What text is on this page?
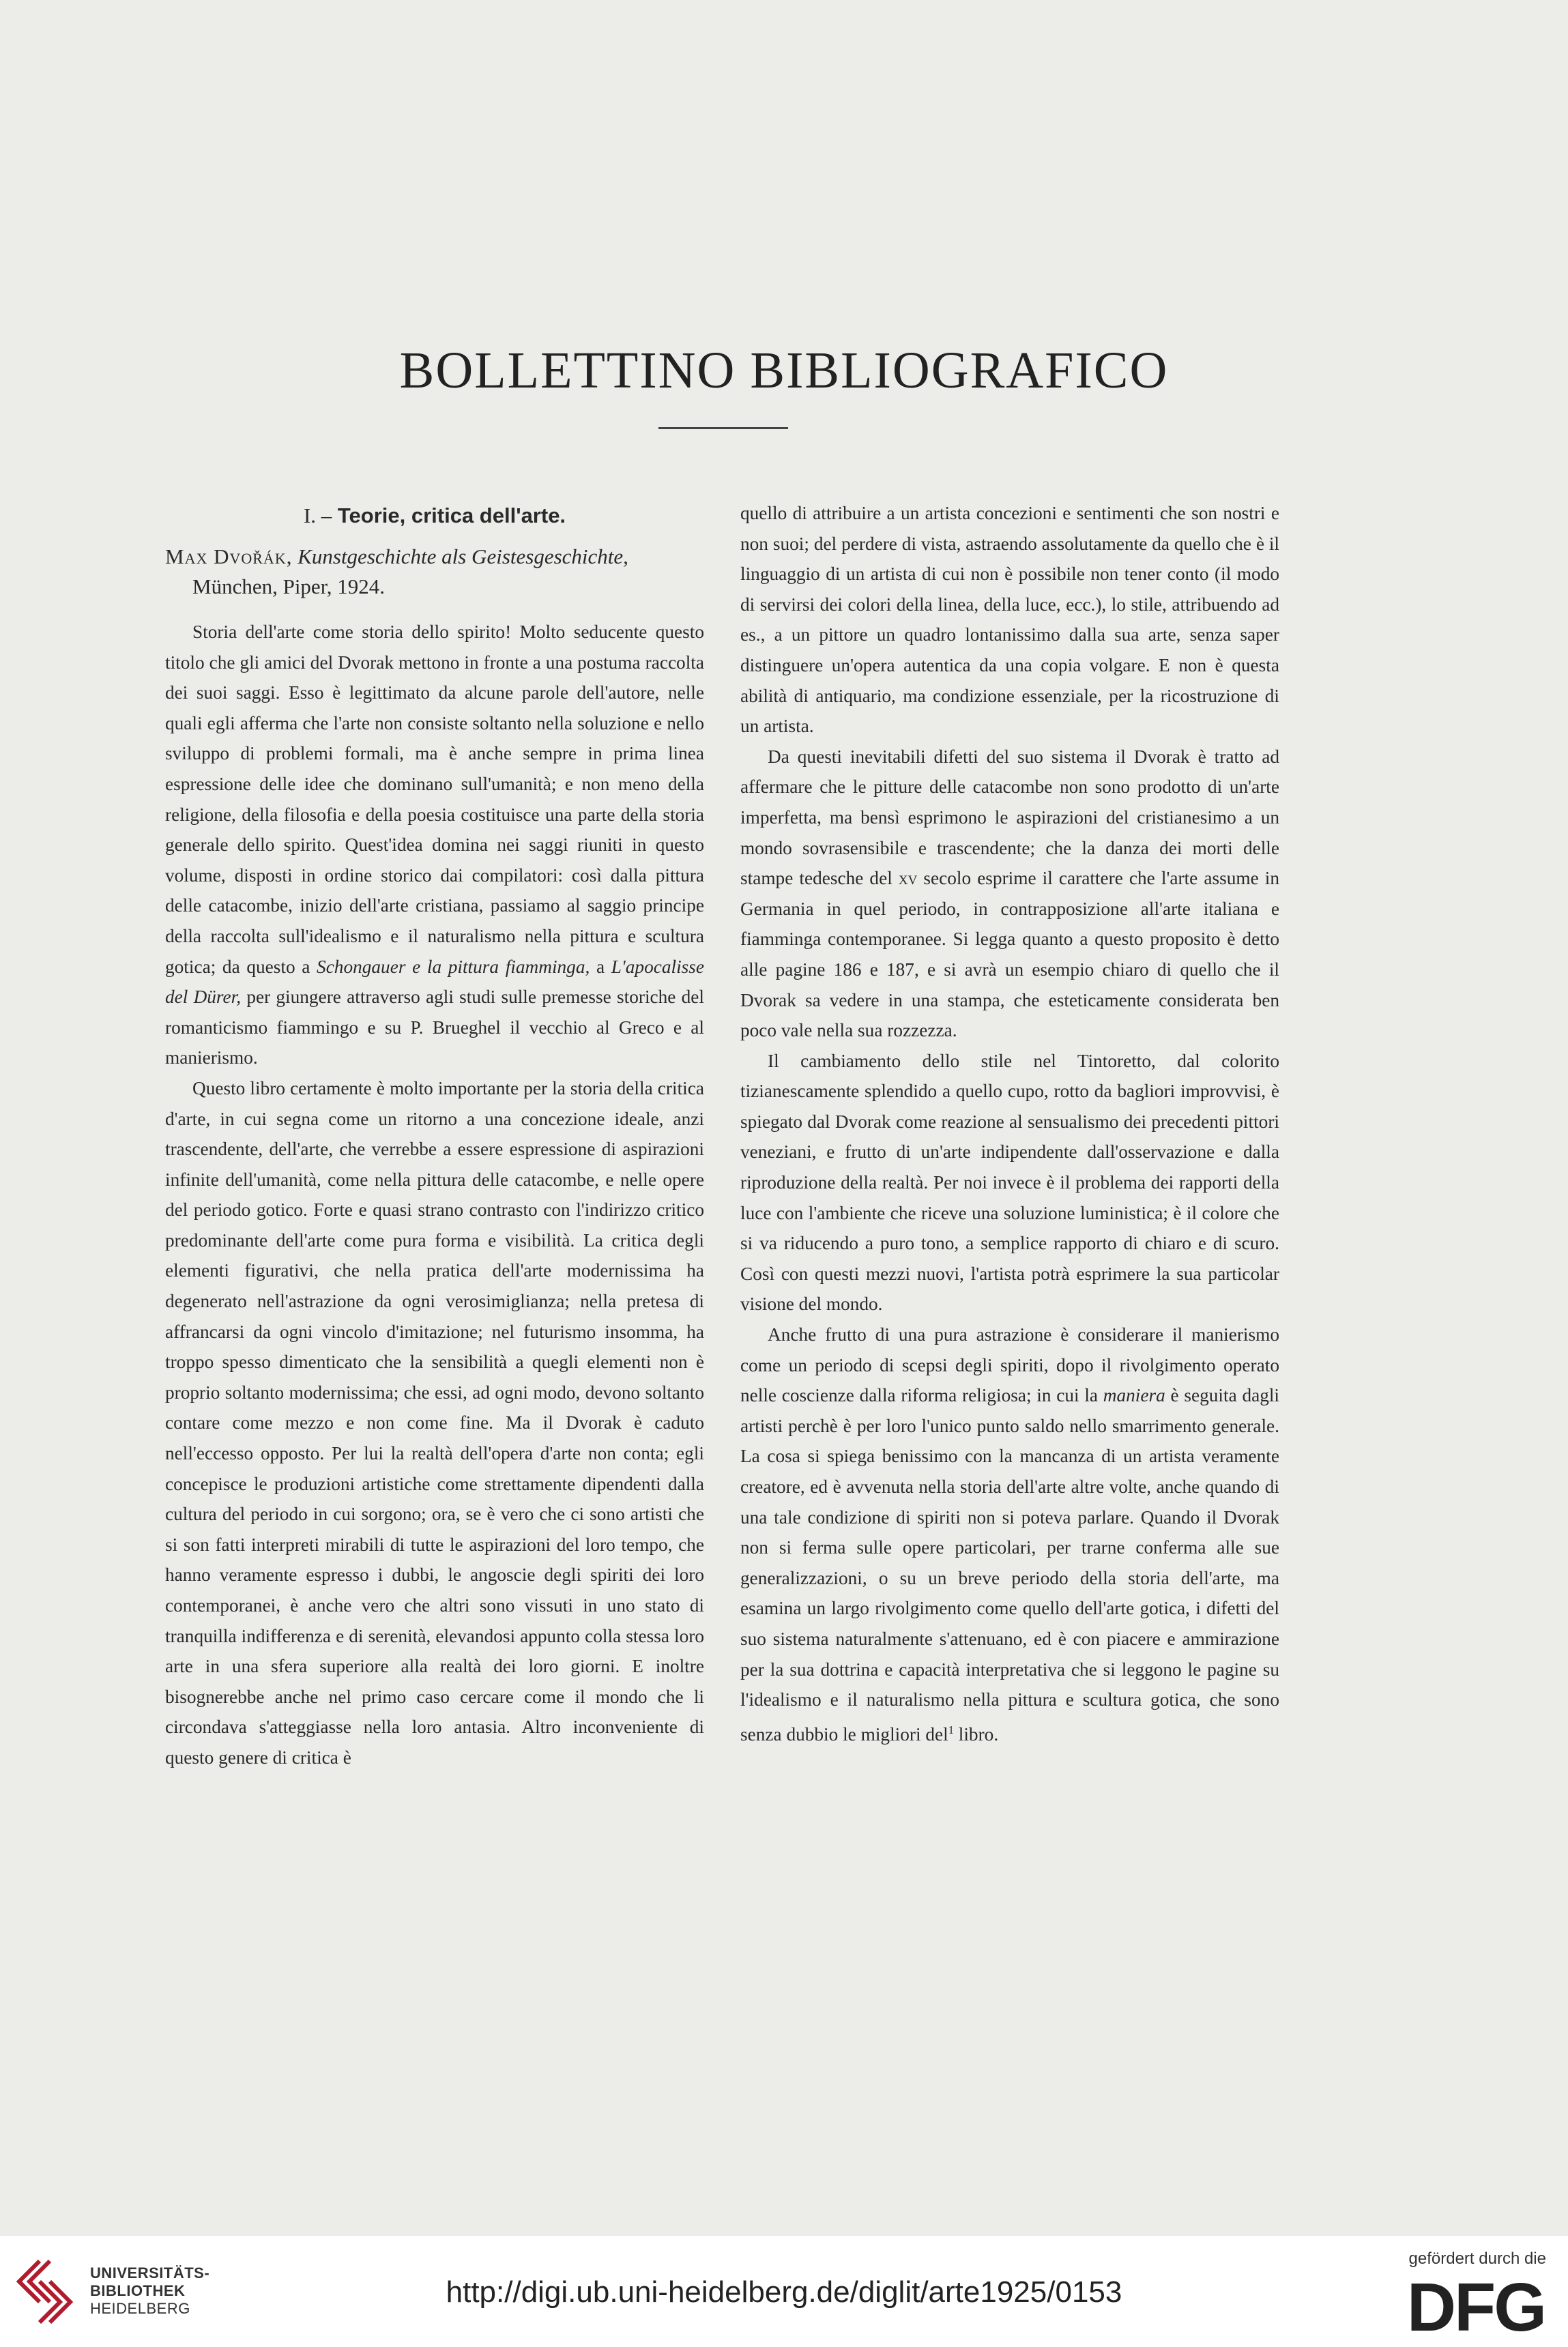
BOLLETTINO BIBLIOGRAFICO
I. – Teorie, critica dell'arte.
Max Dvořák, Kunstgeschichte als Geistesgeschichte, München, Piper, 1924.

Storia dell'arte come storia dello spirito! Molto seducente questo titolo che gli amici del Dvorak mettono in fronte a una postuma raccolta dei suoi saggi. Esso è legittimato da alcune parole dell'autore, nelle quali egli afferma che l'arte non consiste soltanto nella soluzione e nello sviluppo di problemi formali, ma è anche sempre in prima linea espressione delle idee che dominano sull'umanità; e non meno della religione, della filosofia e della poesia costituisce una parte della storia generale dello spirito. Quest'idea domina nei saggi riuniti in questo volume, disposti in ordine storico dai compilatori: così dalla pittura delle catacombe, inizio dell'arte cristiana, passiamo al saggio principe della raccolta sull'idealismo e il naturalismo nella pittura e scultura gotica; da questo a Schongauer e la pittura fiamminga, a L'apocalisse del Dürer, per giungere attraverso agli studi sulle premesse storiche del romanticismo fiammingo e su P. Brueghel il vecchio al Greco e al manierismo.

Questo libro certamente è molto importante per la storia della critica d'arte, in cui segna come un ritorno a una concezione ideale, anzi trascendente, dell'arte, che verrebbe a essere espressione di aspirazioni infinite dell'umanità, come nella pittura delle catacombe, e nelle opere del periodo gotico. Forte e quasi strano contrasto con l'indirizzo critico predominante dell'arte come pura forma e visibilità. La critica degli elementi figurativi, che nella pratica dell'arte modernissima ha degenerato nell'astrazione da ogni verosimiglianza; nella pretesa di affrancarsi da ogni vincolo d'imitazione; nel futurismo insomma, ha troppo spesso dimenticato che la sensibilità a quegli elementi non è proprio soltanto modernissima; che essi, ad ogni modo, devono soltanto contare come mezzo e non come fine. Ma il Dvorak è caduto nell'eccesso opposto. Per lui la realtà dell'opera d'arte non conta; egli concepisce le produzioni artistiche come strettamente dipendenti dalla cultura del periodo in cui sorgono; ora, se è vero che ci sono artisti che si son fatti interpreti mirabili di tutte le aspirazioni del loro tempo, che hanno veramente espresso i dubbi, le angoscie degli spiriti dei loro contemporanei, è anche vero che altri sono vissuti in uno stato di tranquilla indifferenza e di serenità, elevandosi appunto colla stessa loro arte in una sfera superiore alla realtà dei loro giorni. E inoltre bisognerebbe anche nel primo caso cercare come il mondo che li circondava s'atteggiasse nella loro antasia. Altro inconveniente di questo genere di critica è

quello di attribuire a un artista concezioni e sentimenti che son nostri e non suoi; del perdere di vista, astraendo assolutamente da quello che è il linguaggio di un artista di cui non è possibile non tener conto (il modo di servirsi dei colori della linea, della luce, ecc.), lo stile, attribuendo ad es., a un pittore un quadro lontanissimo dalla sua arte, senza saper distinguere un'opera autentica da una copia volgare. E non è questa abilità di antiquario, ma condizione essenziale, per la ricostruzione di un artista.

Da questi inevitabili difetti del suo sistema il Dvorak è tratto ad affermare che le pitture delle catacombe non sono prodotto di un'arte imperfetta, ma bensì esprimono le aspirazioni del cristianesimo a un mondo sovrasensibile e trascendente; che la danza dei morti delle stampe tedesche del xv secolo esprime il carattere che l'arte assume in Germania in quel periodo, in contrapposizione all'arte italiana e fiamminga contemporanee. Si legga quanto a questo proposito è detto alle pagine 186 e 187, e si avrà un esempio chiaro di quello che il Dvorak sa vedere in una stampa, che esteticamente considerata ben poco vale nella sua rozzezza.

Il cambiamento dello stile nel Tintoretto, dal colorito tizianescamente splendido a quello cupo, rotto da bagliori improvvisi, è spiegato dal Dvorak come reazione al sensualismo dei precedenti pittori veneziani, e frutto di un'arte indipendente dall'osservazione e dalla riproduzione della realtà. Per noi invece è il problema dei rapporti della luce con l'ambiente che riceve una soluzione luministica; è il colore che si va riducendo a puro tono, a semplice rapporto di chiaro e di scuro. Così con questi mezzi nuovi, l'artista potrà esprimere la sua particolar visione del mondo.

Anche frutto di una pura astrazione è considerare il manierismo come un periodo di scepsi degli spiriti, dopo il rivolgimento operato nelle coscienze dalla riforma religiosa; in cui la maniera è seguita dagli artisti perchè è per loro l'unico punto saldo nello smarrimento generale. La cosa si spiega benissimo con la mancanza di un artista veramente creatore, ed è avvenuta nella storia dell'arte altre volte, anche quando di una tale condizione di spiriti non si poteva parlare. Quando il Dvorak non si ferma sulle opere particolari, per trarne conferma alle sue generalizzazioni, o su un breve periodo della storia dell'arte, ma esamina un largo rivolgimento come quello dell'arte gotica, i difetti del suo sistema naturalmente s'attenuano, ed è con piacere e ammirazione per la sua dottrina e capacità interpretativa che si leggono le pagine su l'idealismo e il naturalismo nella pittura e scultura gotica, che sono senza dubbio le migliori del$^1$ libro.

UNIVERSITÄTS-
BIBLIOTHEK
HEIDELBERG	http://digi.ub.uni-heidelberg.de/diglit/arte1925/0153
gefördert durch die
DFG
